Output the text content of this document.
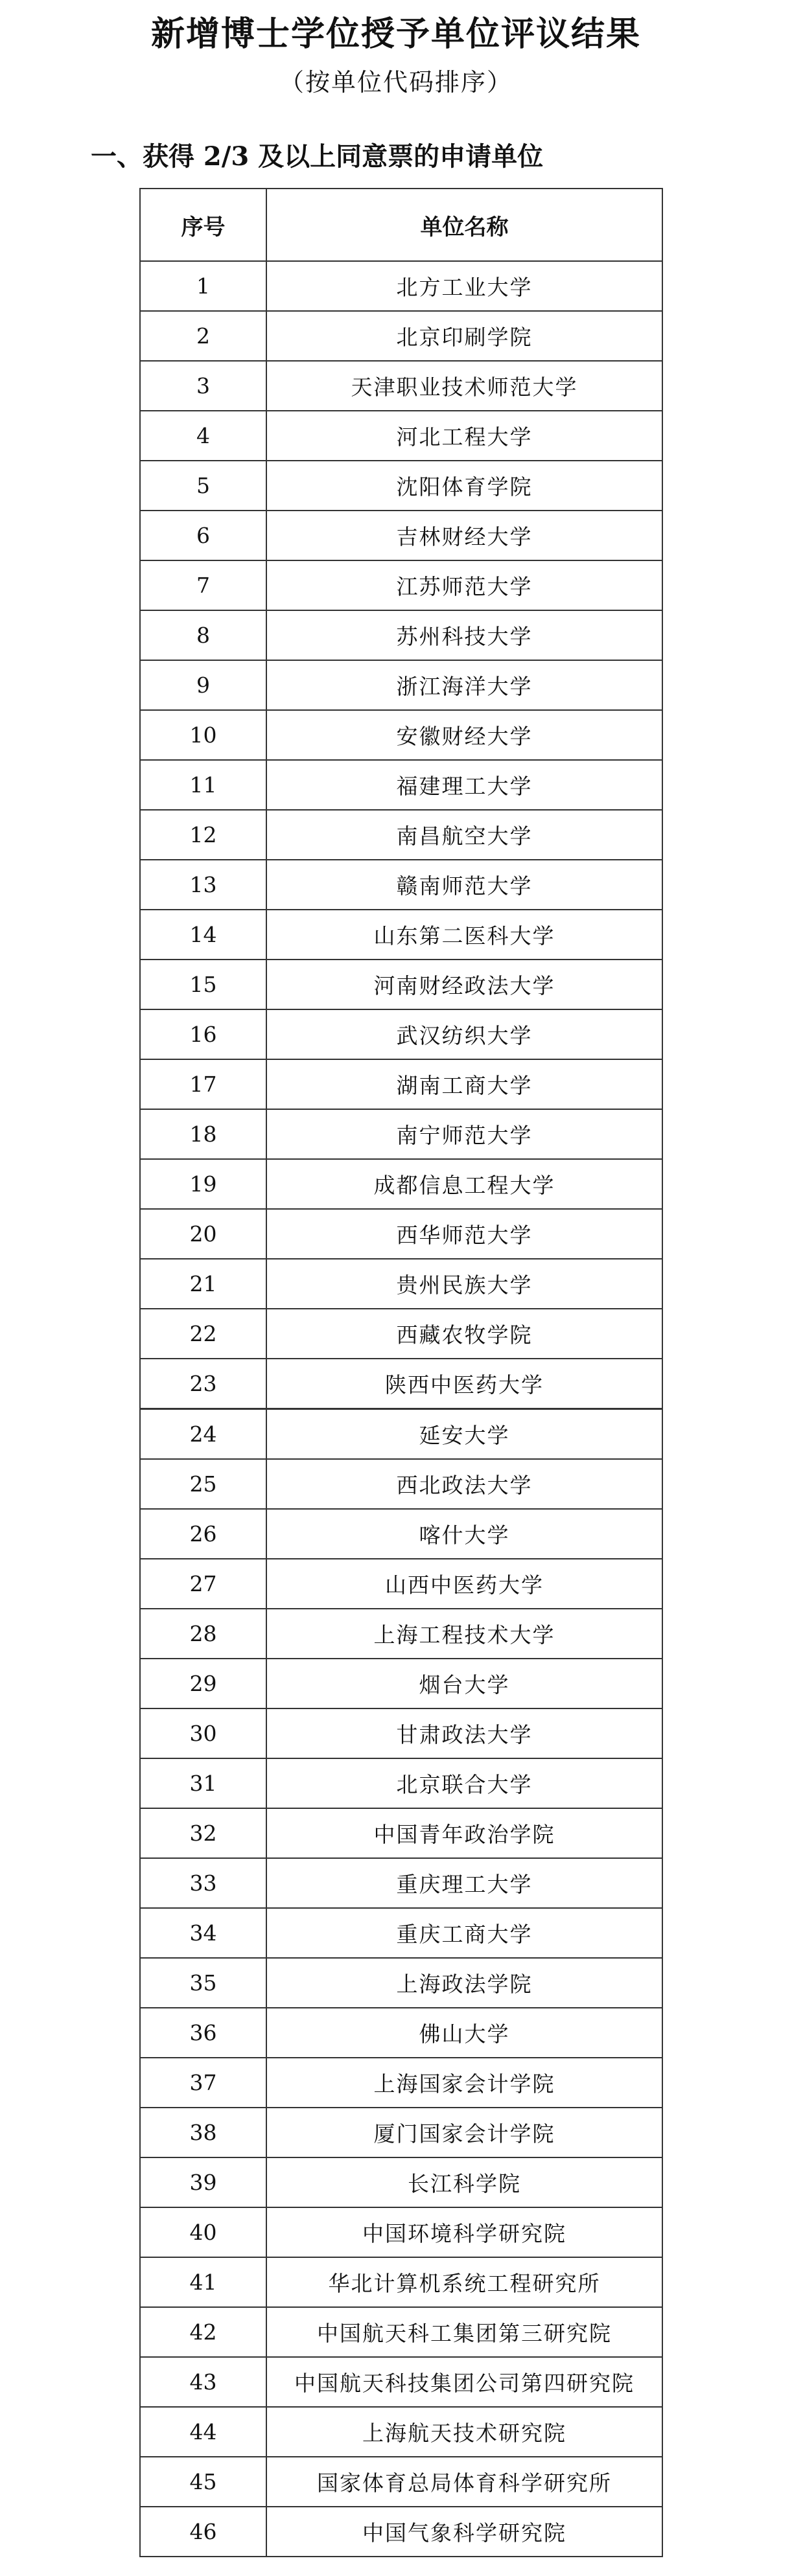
新增博士学位授予单位评议结果
（按单位代码排序）
一、获得 2/3 及以上同意票的申请单位
序号	单位名称
1	北方工业大学
2	北京印刷学院
3	天津职业技术师范大学
4	河北工程大学
5	沈阳体育学院
6	吉林财经大学
7	江苏师范大学
8	苏州科技大学
9	浙江海洋大学
10	安徽财经大学
11	福建理工大学
12	南昌航空大学
13	赣南师范大学
14	山东第二医科大学
15	河南财经政法大学
16	武汉纺织大学
17	湖南工商大学
18	南宁师范大学
19	成都信息工程大学
20	西华师范大学
21	贵州民族大学
22	西藏农牧学院
23	陕西中医药大学
24	延安大学
25	西北政法大学
26	喀什大学
27	山西中医药大学
28	上海工程技术大学
29	烟台大学
30	甘肃政法大学
31	北京联合大学
32	中国青年政治学院
33	重庆理工大学
34	重庆工商大学
35	上海政法学院
36	佛山大学
37	上海国家会计学院
38	厦门国家会计学院
39	长江科学院
40	中国环境科学研究院
41	华北计算机系统工程研究所
42	中国航天科工集团第三研究院
43	中国航天科技集团公司第四研究院
44	上海航天技术研究院
45	国家体育总局体育科学研究所
46	中国气象科学研究院
